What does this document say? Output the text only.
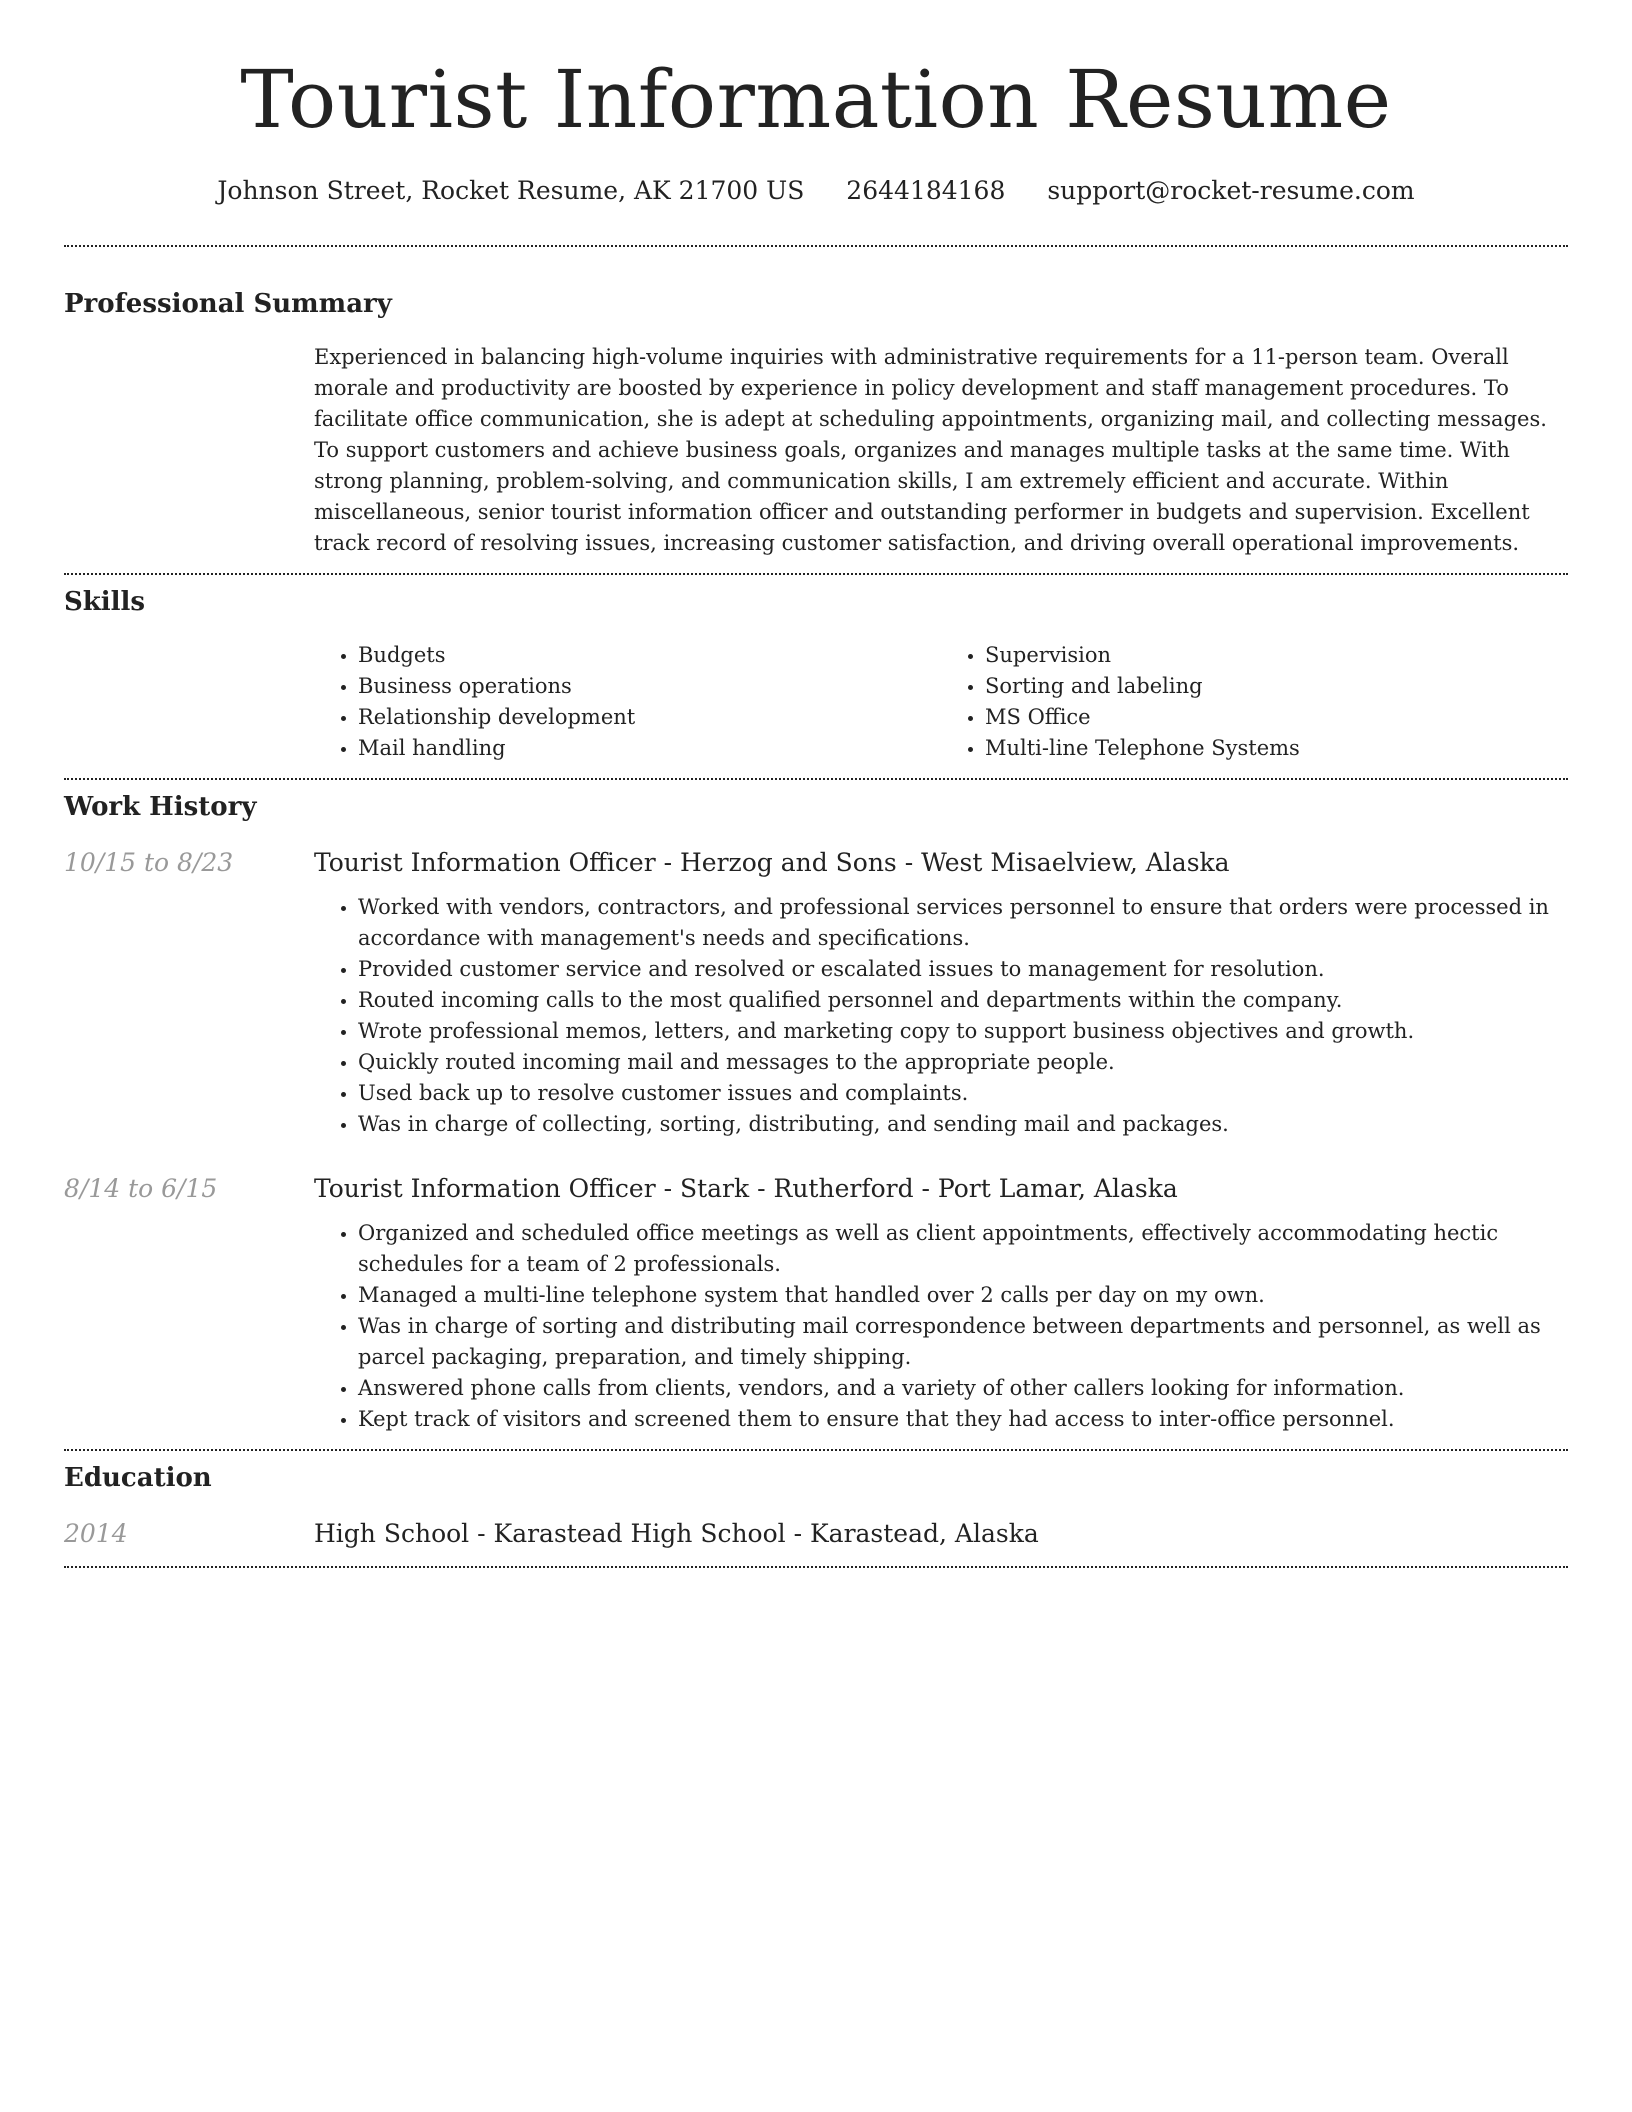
Tourist Information Resume
Johnson Street, Rocket Resume, AK 21700 US 2644184168 support@rocket-resume.com
Professional Summary

Experienced in balancing high-volume inquiries with administrative requirements for a 11-person team. Overall morale and productivity are boosted by experience in policy development and staff management procedures. To facilitate office communication, she is adept at scheduling appointments, organizing mail, and collecting messages. To support customers and achieve business goals, organizes and manages multiple tasks at the same time. With strong planning, problem-solving, and communication skills, I am extremely efficient and accurate. Within miscellaneous, senior tourist information officer and outstanding performer in budgets and supervision. Excellent track record of resolving issues, increasing customer satisfaction, and driving overall operational improvements.

Skills
• Budgets
• Business operations
• Relationship development
• Mail handling
• Supervision
• Sorting and labeling
• MS Office
• Multi-line Telephone Systems
Work History
10/15 to 8/23	Tourist Information Officer - Herzog and Sons - West Misaelview, Alaska
• Worked with vendors, contractors, and professional services personnel to ensure that orders were processed in accordance with management's needs and specifications.
• Provided customer service and resolved or escalated issues to management for resolution.
• Routed incoming calls to the most qualified personnel and departments within the company.
• Wrote professional memos, letters, and marketing copy to support business objectives and growth.
• Quickly routed incoming mail and messages to the appropriate people.
• Used back up to resolve customer issues and complaints.
• Was in charge of collecting, sorting, distributing, and sending mail and packages.
8/14 to 6/15	Tourist Information Officer - Stark - Rutherford - Port Lamar, Alaska
• Organized and scheduled office meetings as well as client appointments, effectively accommodating hectic schedules for a team of 2 professionals.
• Managed a multi-line telephone system that handled over 2 calls per day on my own.
• Was in charge of sorting and distributing mail correspondence between departments and personnel, as well as parcel packaging, preparation, and timely shipping.
• Answered phone calls from clients, vendors, and a variety of other callers looking for information.
• Kept track of visitors and screened them to ensure that they had access to inter-office personnel.
Education
2014	High School - Karastead High School - Karastead, Alaska
